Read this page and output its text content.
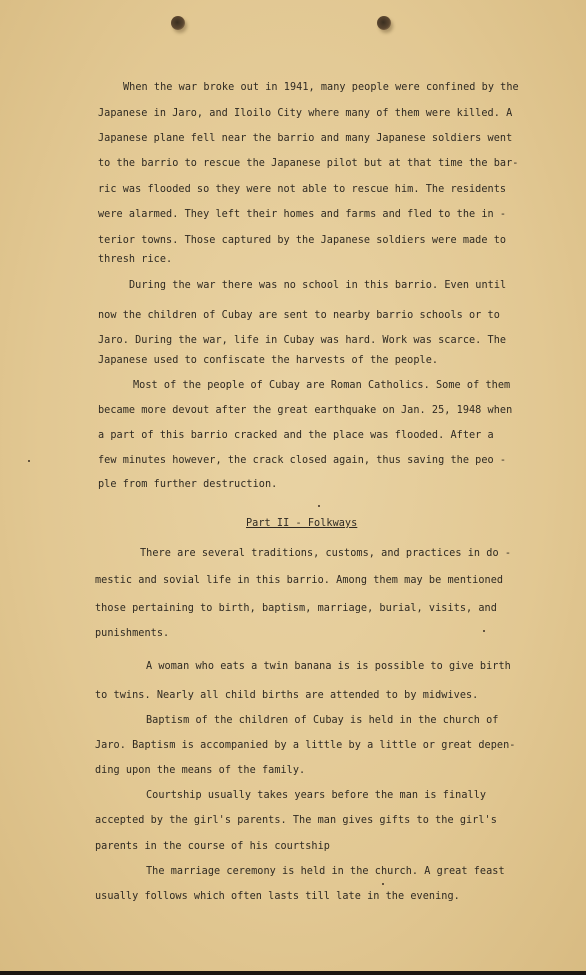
When the war broke out in 1941, many people were confined by the
Japanese in Jaro, and Iloilo City where many of them were killed. A
Japanese plane fell near the barrio and many Japanese soldiers went
to the barrio to rescue the Japanese pilot but at that time the bar-
ric was flooded so they were not able to rescue him. The residents
were alarmed. They left their homes and farms and fled to the in -
terior towns. Those captured by the Japanese soldiers were made to
thresh rice.
During the war there was no school in this barrio. Even until
now the children of Cubay are sent to nearby barrio schools or to
Jaro. During the war, life in Cubay was hard. Work was scarce. The
Japanese used to confiscate the harvests of the people.
Most of the people of Cubay are Roman Catholics. Some of them
became more devout after the great earthquake on Jan. 25, 1948 when
a part of this barrio cracked and the place was flooded. After a
few minutes however, the crack closed again, thus saving the peo -
ple from further destruction.
Part II - Folkways
There are several traditions, customs, and practices in do -
mestic and sovial life in this barrio. Among them may be mentioned
those pertaining to birth, baptism, marriage, burial, visits, and
punishments.
A woman who eats a twin banana is is possible to give birth
to twins. Nearly all child births are attended to by midwives.
Baptism of the children of Cubay is held in the church of
Jaro. Baptism is accompanied by a little by a little or great depen-
ding upon the means of the family.
Courtship usually takes years before the man is finally
accepted by the girl's parents. The man gives gifts to the girl's
parents in the course of his courtship
The marriage ceremony is held in the church. A great feast
usually follows which often lasts till late in the evening.
